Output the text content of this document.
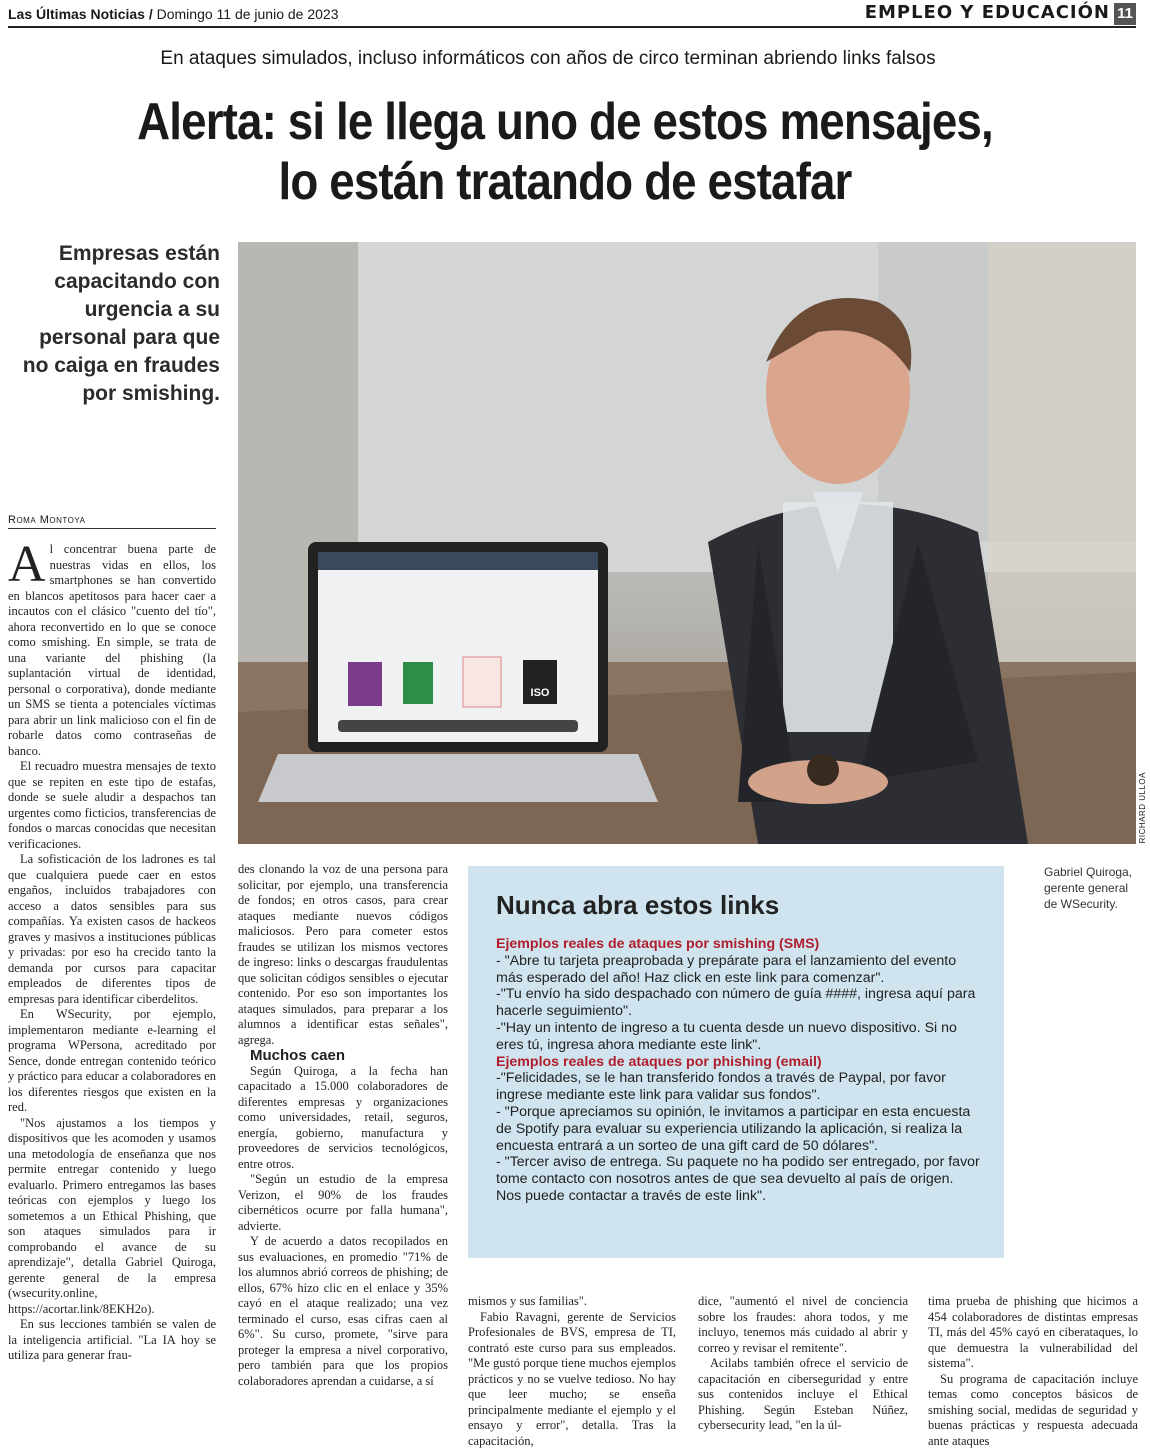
Las Últimas Noticias / Domingo 11 de junio de 2023	EMPLEO Y EDUCACIÓN 11
En ataques simulados, incluso informáticos con años de circo terminan abriendo links falsos
Alerta: si le llega uno de estos mensajes,
lo están tratando de estafar
Empresas están capacitando con urgencia a su personal para que no caiga en fraudes por smishing.
ISO
RICHARD ULLOA
Gabriel Quiroga, gerente general de WSecurity.
Roma Montoya

Al concentrar buena parte de nuestras vidas en ellos, los smartphones se han convertido en blancos apetitosos para hacer caer a incautos con el clásico "cuento del tío", ahora reconvertido en lo que se conoce como smishing. En simple, se trata de una variante del phishing (la suplantación virtual de identidad, personal o corporativa), donde mediante un SMS se tienta a potenciales víctimas para abrir un link malicioso con el fin de robarle datos como contraseñas de banco.

El recuadro muestra mensajes de texto que se repiten en este tipo de estafas, donde se suele aludir a despachos tan urgentes como ficticios, transferencias de fondos o marcas conocidas que necesitan verificaciones.

La sofisticación de los ladrones es tal que cualquiera puede caer en estos engaños, incluidos trabajadores con acceso a datos sensibles para sus compañías. Ya existen casos de hackeos graves y masivos a instituciones públicas y privadas: por eso ha crecido tanto la demanda por cursos para capacitar empleados de diferentes tipos de empresas para identificar ciberdelitos.

En WSecurity, por ejemplo, implementaron mediante e-learning el programa WPersona, acreditado por Sence, donde entregan contenido teórico y práctico para educar a colaboradores en los diferentes riesgos que existen en la red.

"Nos ajustamos a los tiempos y dispositivos que les acomoden y usamos una metodología de enseñanza que nos permite entregar contenido y luego evaluarlo. Primero entregamos las bases teóricas con ejemplos y luego los sometemos a un Ethical Phishing, que son ataques simulados para ir comprobando el avance de su aprendizaje", detalla Gabriel Quiroga, gerente general de la empresa (wsecurity.online, https://acortar.link/8EKH2o).

En sus lecciones también se valen de la inteligencia artificial. "La IA hoy se utiliza para generar frau-

des clonando la voz de una persona para solicitar, por ejemplo, una transferencia de fondos; en otros casos, para crear ataques mediante nuevos códigos maliciosos. Pero para cometer estos fraudes se utilizan los mismos vectores de ingreso: links o descargas fraudulentas que solicitan códigos sensibles o ejecutar contenido. Por eso son importantes los ataques simulados, para preparar a los alumnos a identificar estas señales", agrega.

Muchos caen

Según Quiroga, a la fecha han capacitado a 15.000 colaboradores de diferentes empresas y organizaciones como universidades, retail, seguros, energía, gobierno, manufactura y proveedores de servicios tecnológicos, entre otros.

"Según un estudio de la empresa Verizon, el 90% de los fraudes cibernéticos ocurre por falla humana", advierte.

Y de acuerdo a datos recopilados en sus evaluaciones, en promedio "71% de los alumnos abrió correos de phishing; de ellos, 67% hizo clic en el enlace y 35% cayó en el ataque realizado; una vez terminado el curso, esas cifras caen al 6%". Su curso, promete, "sirve para proteger la empresa a nivel corporativo, pero también para que los propios colaboradores aprendan a cuidarse, a sí

Nunca abra estos links

Ejemplos reales de ataques por smishing (SMS)

- "Abre tu tarjeta preaprobada y prepárate para el lanzamiento del evento más esperado del año! Haz click en este link para comenzar".

-"Tu envío ha sido despachado con número de guía ####, ingresa aquí para hacerle seguimiento".

-"Hay un intento de ingreso a tu cuenta desde un nuevo dispositivo. Si no eres tú, ingresa ahora mediante este link".

Ejemplos reales de ataques por phishing (email)

-"Felicidades, se le han transferido fondos a través de Paypal, por favor ingrese mediante este link para validar sus fondos".

- "Porque apreciamos su opinión, le invitamos a participar en esta encuesta de Spotify para evaluar su experiencia utilizando la aplicación, si realiza la encuesta entrará a un sorteo de una gift card de 50 dólares".

- "Tercer aviso de entrega. Su paquete no ha podido ser entregado, por favor tome contacto con nosotros antes de que sea devuelto al país de origen. Nos puede contactar a través de este link".

mismos y sus familias".

Fabio Ravagni, gerente de Servicios Profesionales de BVS, empresa de TI, contrató este curso para sus empleados. "Me gustó porque tiene muchos ejemplos prácticos y no se vuelve tedioso. No hay que leer mucho; se enseña principalmente mediante el ejemplo y el ensayo y error", detalla. Tras la capacitación,

dice, "aumentó el nivel de conciencia sobre los fraudes: ahora todos, y me incluyo, tenemos más cuidado al abrir y correo y revisar el remitente".

Acilabs también ofrece el servicio de capacitación en ciberseguridad y entre sus contenidos incluye el Ethical Phishing. Según Esteban Núñez, cybersecurity lead, "en la úl-

tima prueba de phishing que hicimos a 454 colaboradores de distintas empresas TI, más del 45% cayó en ciberataques, lo que demuestra la vulnerabilidad del sistema".

Su programa de capacitación incluye temas como conceptos básicos de smishing social, medidas de seguridad y buenas prácticas y respuesta adecuada ante ataques
